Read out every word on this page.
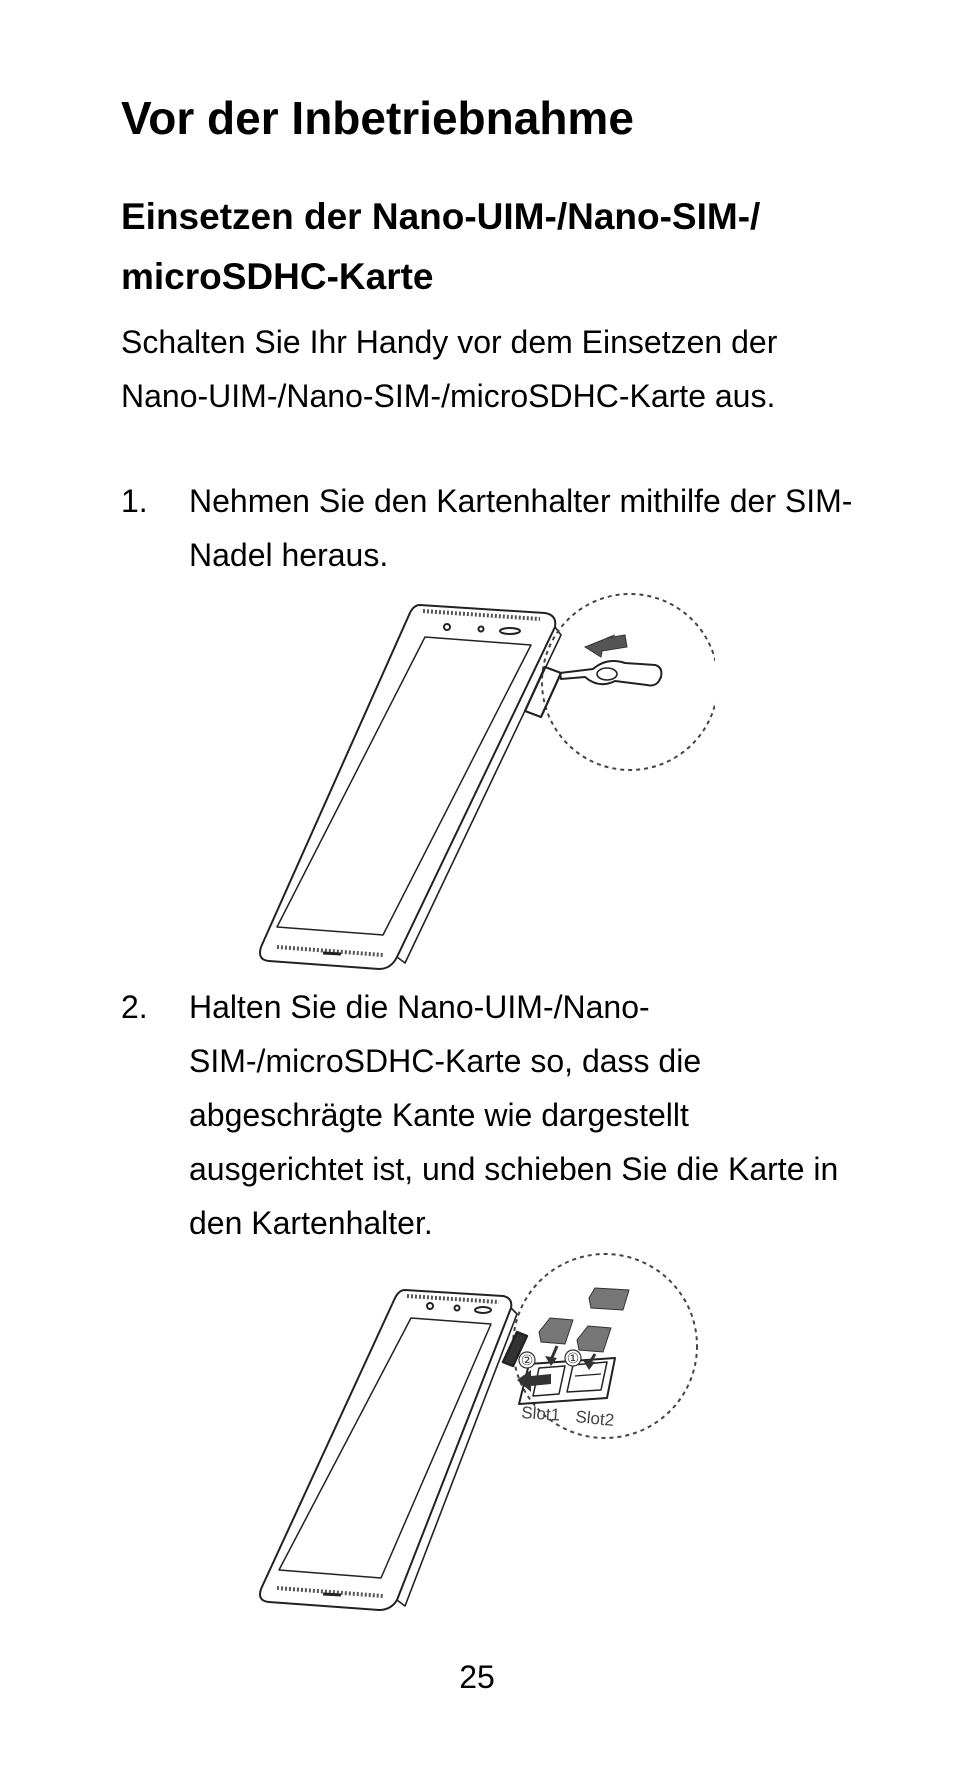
Vor der Inbetriebnahme
Einsetzen der Nano-UIM-/Nano-SIM-/ microSDHC-Karte

Schalten Sie Ihr Handy vor dem Einsetzen der Nano-UIM-/Nano-SIM-/microSDHC-Karte aus.

1. Nehmen Sie den Kartenhalter mithilfe der SIM-Nadel heraus.
2. Halten Sie die Nano-UIM-/Nano-SIM-/microSDHC-Karte so, dass die abgeschrägte Kante wie dargestellt ausgerichtet ist, und schieben Sie die Karte in den Kartenhalter.
①
②
Slot1 Slot2
25
